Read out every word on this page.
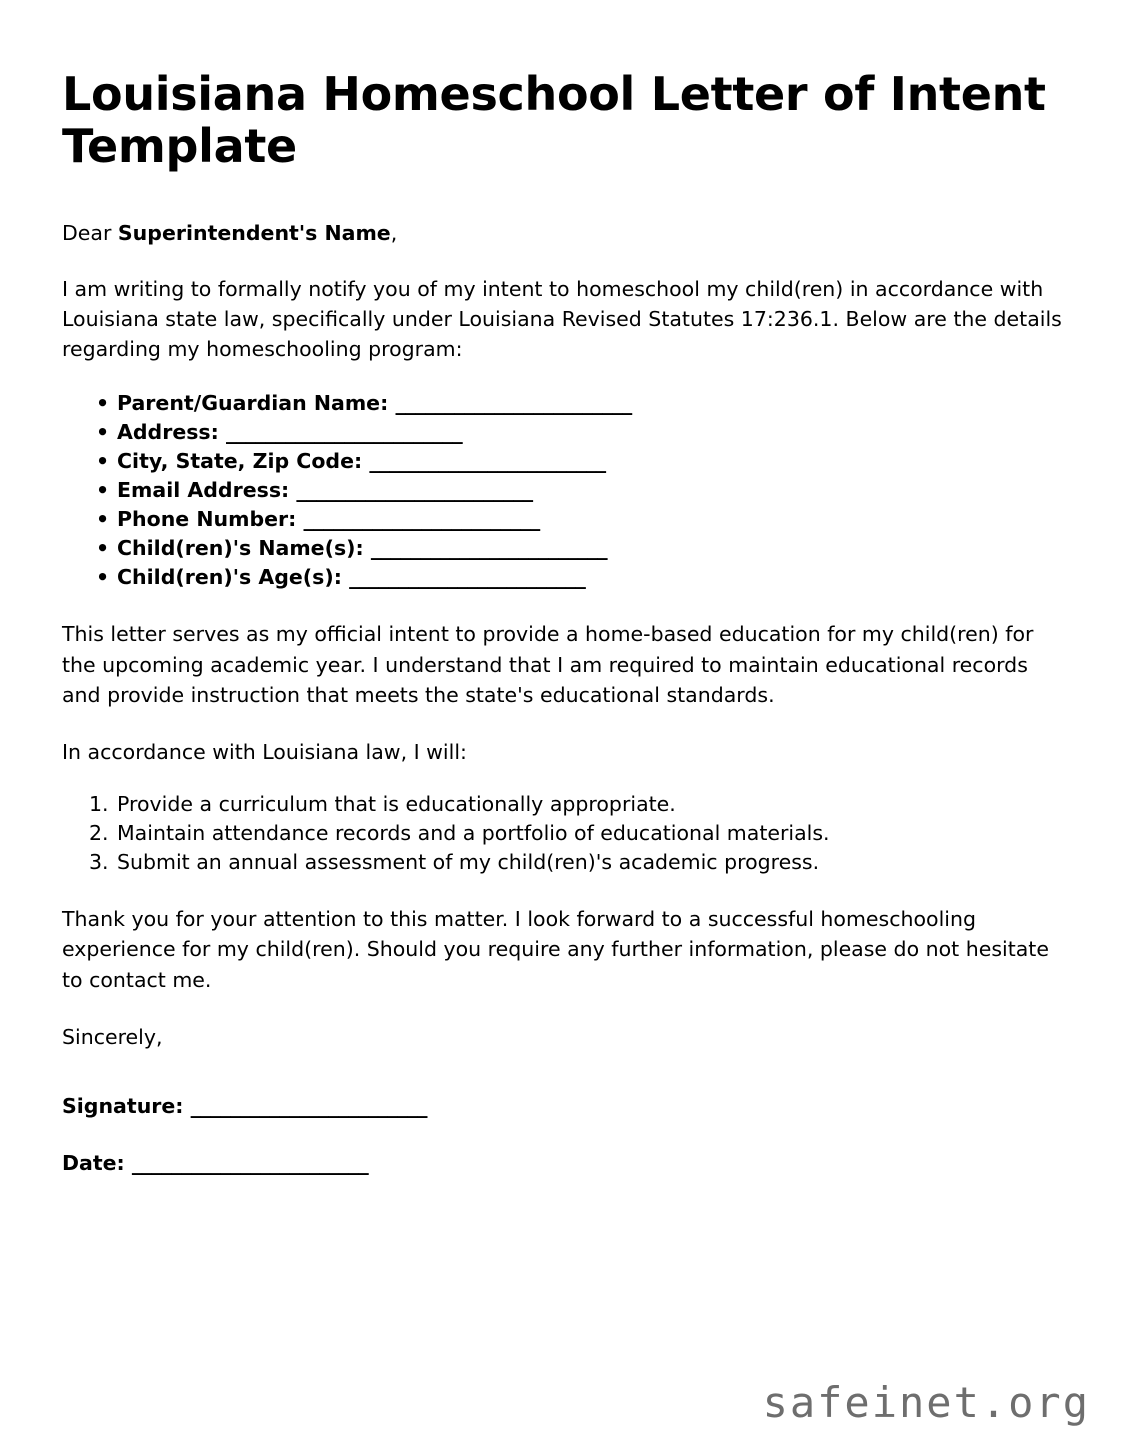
Louisiana Homeschool Letter of Intent Template

Dear Superintendent's Name,

I am writing to formally notify you of my intent to homeschool my child(ren) in accordance with Louisiana state law, specifically under Louisiana Revised Statutes 17:236.1. Below are the details regarding my homeschooling program:

• Parent/Guardian Name: ________________________
• Address: ________________________
• City, State, Zip Code: ________________________
• Email Address: ________________________
• Phone Number: ________________________
• Child(ren)'s Name(s): ________________________
• Child(ren)'s Age(s): ________________________

This letter serves as my official intent to provide a home-based education for my child(ren) for the upcoming academic year. I understand that I am required to maintain educational records and provide instruction that meets the state's educational standards.

In accordance with Louisiana law, I will:

Provide a curriculum that is educationally appropriate.
Maintain attendance records and a portfolio of educational materials.
Submit an annual assessment of my child(ren)'s academic progress.

Thank you for your attention to this matter. I look forward to a successful homeschooling experience for my child(ren). Should you require any further information, please do not hesitate to contact me.

Sincerely,

Signature: ________________________

Date: ________________________

safeinet.org
